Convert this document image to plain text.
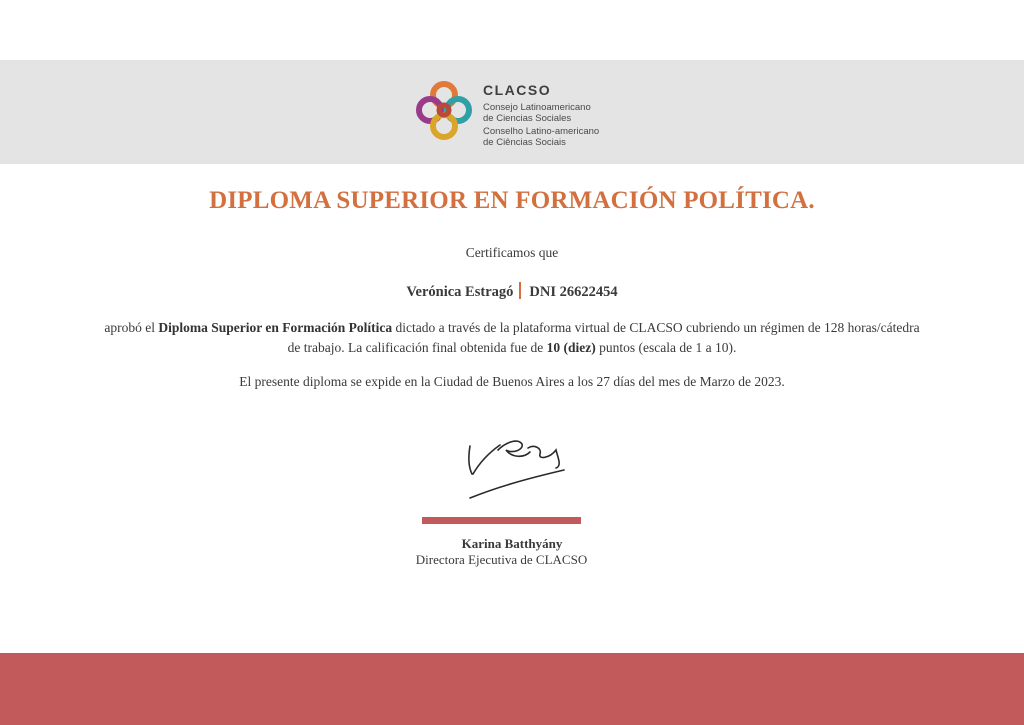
CLACSO
Consejo Latinoamericano
de Ciencias Sociales
Conselho Latino-americano
de Ciências Sociais
DIPLOMA SUPERIOR EN FORMACIÓN POLÍTICA.
Certificamos que
Verónica Estragó DNI 26622454
aprobó el Diploma Superior en Formación Política dictado a través de la plataforma virtual de CLACSO cubriendo un régimen de 128 horas/cátedra de trabajo. La calificación final obtenida fue de 10 (diez) puntos (escala de 1 a 10).
El presente diploma se expide en la Ciudad de Buenos Aires a los 27 días del mes de Marzo de 2023.
Karina Batthyány
Directora Ejecutiva de CLACSO
